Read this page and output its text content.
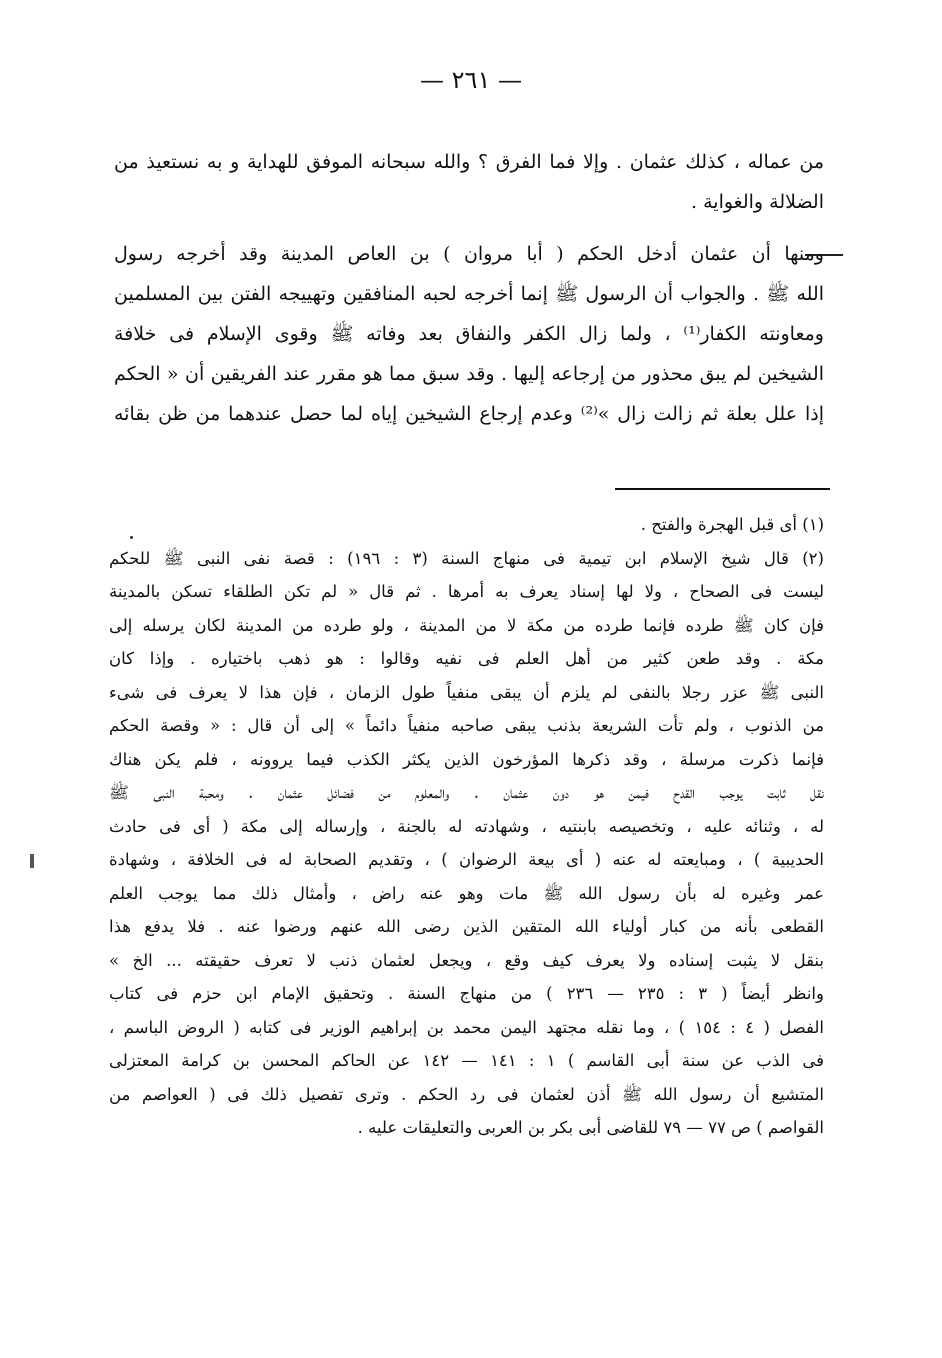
— ٢٦١ —
من عماله ، كذلك عثمان . وإلا فما الفرق ؟ والله سبحانه الموفق للهداية و به نستعيذ من
الضلالة والغواية .
ومنها أن عثمان أدخل الحكم ( أبا مروان ) بن العاص المدينة وقد أخرجه رسول
الله ﷺ . والجواب أن الرسول ﷺ إنما أخرجه لحبه المنافقين وتهييجه الفتن بين المسلمين
ومعاونته الكفار⁽¹⁾ ، ولما زال الكفر والنفاق بعد وفاته ﷺ وقوى الإسلام فى خلافة
الشيخين لم يبق محذور من إرجاعه إليها . وقد سبق مما هو مقرر عند الفريقين أن « الحكم
إذا علل بعلة ثم زالت زال »⁽²⁾ وعدم إرجاع الشيخين إياه لما حصل عندهما من ظن بقائه
(١) أى قبل الهجرة والفتح .
(٢) قال شيخ الإسلام ابن تيمية فى منهاج السنة (٣ : ١٩٦) : قصة نفى النبى ﷺ للحكم
ليست فى الصحاح ، ولا لها إسناد يعرف به أمرها . ثم قال « لم تكن الطلقاء تسكن بالمدينة
فإن كان ﷺ طرده فإنما طرده من مكة لا من المدينة ، ولو طرده من المدينة لكان يرسله إلى
مكة . وقد طعن كثير من أهل العلم فى نفيه وقالوا : هو ذهب باختياره . وإذا كان
النبى ﷺ عزر رجلا بالنفى لم يلزم أن يبقى منفياً طول الزمان ، فإن هذا لا يعرف فى شىء
من الذنوب ، ولم تأت الشريعة بذنب يبقى صاحبه منفياً دائماً » إلى أن قال : « وقصة الحكم
فإنما ذكرت مرسلة ، وقد ذكرها المؤرخون الذين يكثر الكذب فيما يروونه ، فلم يكن هناك
نقل ثابت يوجب القدح فيمن هو دون عثمان . والمعلوم من فضائل عثمان . ومحبة النبى ﷺ
له ، وثنائه عليه ، وتخصيصه بابنتيه ، وشهادته له بالجنة ، وإرساله إلى مكة ( أى فى حادث
الحديبية ) ، ومبايعته له عنه ( أى بيعة الرضوان ) ، وتقديم الصحابة له فى الخلافة ، وشهادة
عمر وغيره له بأن رسول الله ﷺ مات وهو عنه راض ، وأمثال ذلك مما يوجب العلم
القطعى بأنه من كبار أولياء الله المتقين الذين رضى الله عنهم ورضوا عنه . فلا يدفع هذا
بنقل لا يثبت إسناده ولا يعرف كيف وقع ، ويجعل لعثمان ذنب لا تعرف حقيقته ... الخ »
وانظر أيضاً ( ٣ : ٢٣٥ — ٢٣٦ ) من منهاج السنة . وتحقيق الإمام ابن حزم فى كتاب
الفصل ( ٤ : ١٥٤ ) ، وما نقله مجتهد اليمن محمد بن إبراهيم الوزير فى كتابه ( الروض الباسم ،
فى الذب عن سنة أبى القاسم ) ١ : ١٤١ — ١٤٢ عن الحاكم المحسن بن كرامة المعتزلى
المتشيع أن رسول الله ﷺ أذن لعثمان فى رد الحكم . وترى تفصيل ذلك فى ( العواصم من
القواصم ) ص ٧٧ — ٧٩ للقاضى أبى بكر بن العربى والتعليقات عليه .
